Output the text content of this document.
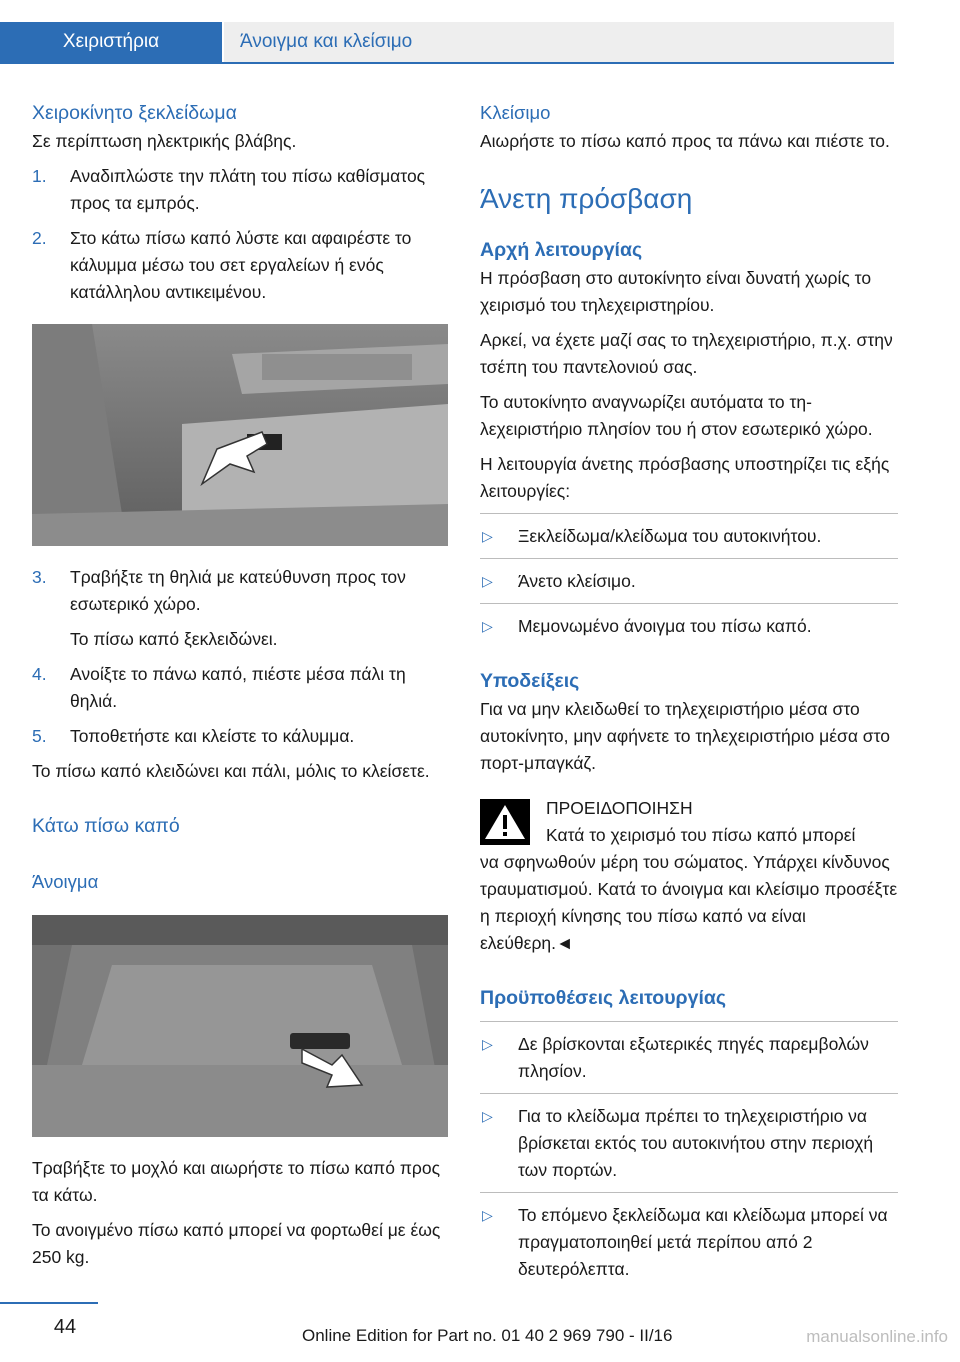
Χειριστήρια	Άνοιγμα και κλείσιμο
Χειροκίνητο ξεκλείδωμα

Σε περίπτωση ηλεκτρικής βλάβης.

1. Αναδιπλώστε την πλάτη του πίσω καθίσματος προς τα εμπρός.

2. Στο κάτω πίσω καπό λύστε και αφαιρέστε το κάλυμμα μέσω του σετ εργαλείων ή ενός κατάλληλου αντικειμένου.

3. Τραβήξτε τη θηλιά με κατεύθυνση προς τον εσωτερικό χώρο.

Το πίσω καπό ξεκλειδώνει.

4. Ανοίξτε το πάνω καπό, πιέστε μέσα πάλι τη θηλιά.

5. Τοποθετήστε και κλείστε το κάλυμμα.

Το πίσω καπό κλειδώνει και πάλι, μόλις το κλείσετε.

Κάτω πίσω καπό
Άνοιγμα

Τραβήξτε το μοχλό και αιωρήστε το πίσω καπό προς τα κάτω.

Το ανοιγμένο πίσω καπό μπορεί να φορτωθεί με έως 250 kg.

Κλείσιμο

Αιωρήστε το πίσω καπό προς τα πάνω και πιέστε το.

Άνετη πρόσβαση
Αρχή λειτουργίας

Η πρόσβαση στο αυτοκίνητο είναι δυνατή χωρίς το χειρισμό του τηλεχειριστηρίου.

Αρκεί, να έχετε μαζί σας το τηλεχειριστήριο, π.χ. στην τσέπη του παντελονιού σας.

Το αυτοκίνητο αναγνωρίζει αυτόματα το τηλεχειριστήριο πλησίον του ή στον εσωτερικό χώρο.

Η λειτουργία άνετης πρόσβασης υποστηρίζει τις εξής λειτουργίες:

▷ Ξεκλείδωμα/κλείδωμα του αυτοκινήτου.

▷ Άνετο κλείσιμο.

▷ Μεμονωμένο άνοιγμα του πίσω καπό.

Υποδείξεις

Για να μην κλειδωθεί το τηλεχειριστήριο μέσα στο αυτοκίνητο, μην αφήνετε το τηλεχειριστήριο μέσα στο πορτ-μπαγκάζ.

ΠΡΟΕΙΔΟΠΟΙΗΣΗ

Κατά το χειρισμό του πίσω καπό μπορεί

να σφηνωθούν μέρη του σώματος. Υπάρχει κίνδυνος τραυματισμού. Κατά το άνοιγμα και κλείσιμο προσέξτε η περιοχή κίνησης του πίσω καπό να είναι ελεύθερη.◄

Προϋποθέσεις λειτουργίας
▷ Δε βρίσκονται εξωτερικές πηγές παρεμβολών πλησίον.

▷ Για το κλείδωμα πρέπει το τηλεχειριστήριο να βρίσκεται εκτός του αυτοκινήτου στην περιοχή των πορτών.

▷ Το επόμενο ξεκλείδωμα και κλείδωμα μπορεί να πραγματοποιηθεί μετά περίπου από 2 δευτερόλεπτα.

44	Online Edition for Part no. 01 40 2 969 790 - II/16	manualsonline.info
